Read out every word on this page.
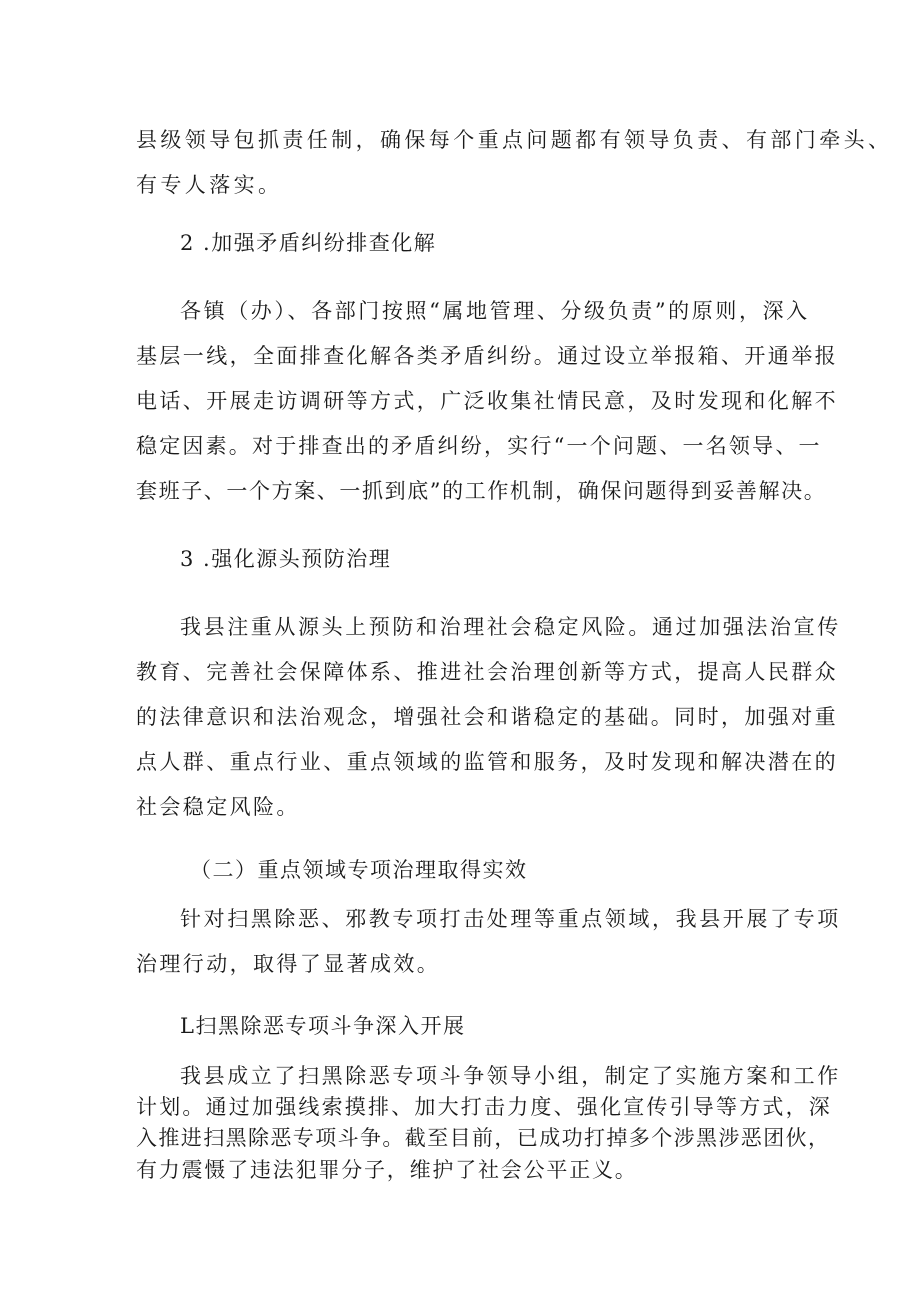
县级领导包抓责任制，确保每个重点问题都有领导负责、有部门牵头、
有专人落实。
2 .加强矛盾纠纷排查化解
各镇（办）、各部门按照“属地管理、分级负责”的原则，深入
基层一线，全面排查化解各类矛盾纠纷。通过设立举报箱、开通举报
电话、开展走访调研等方式，广泛收集社情民意，及时发现和化解不
稳定因素。对于排查出的矛盾纠纷，实行“一个问题、一名领导、一
套班子、一个方案、一抓到底”的工作机制，确保问题得到妥善解决。
3 .强化源头预防治理
我县注重从源头上预防和治理社会稳定风险。通过加强法治宣传
教育、完善社会保障体系、推进社会治理创新等方式，提高人民群众
的法律意识和法治观念，增强社会和谐稳定的基础。同时，加强对重
点人群、重点行业、重点领域的监管和服务，及时发现和解决潜在的
社会稳定风险。
（二）重点领域专项治理取得实效
针对扫黑除恶、邪教专项打击处理等重点领域，我县开展了专项
治理行动，取得了显著成效。
L扫黑除恶专项斗争深入开展
我县成立了扫黑除恶专项斗争领导小组，制定了实施方案和工作
计划。通过加强线索摸排、加大打击力度、强化宣传引导等方式，深
入推进扫黑除恶专项斗争。截至目前，已成功打掉多个涉黑涉恶团伙，
有力震慑了违法犯罪分子，维护了社会公平正义。
